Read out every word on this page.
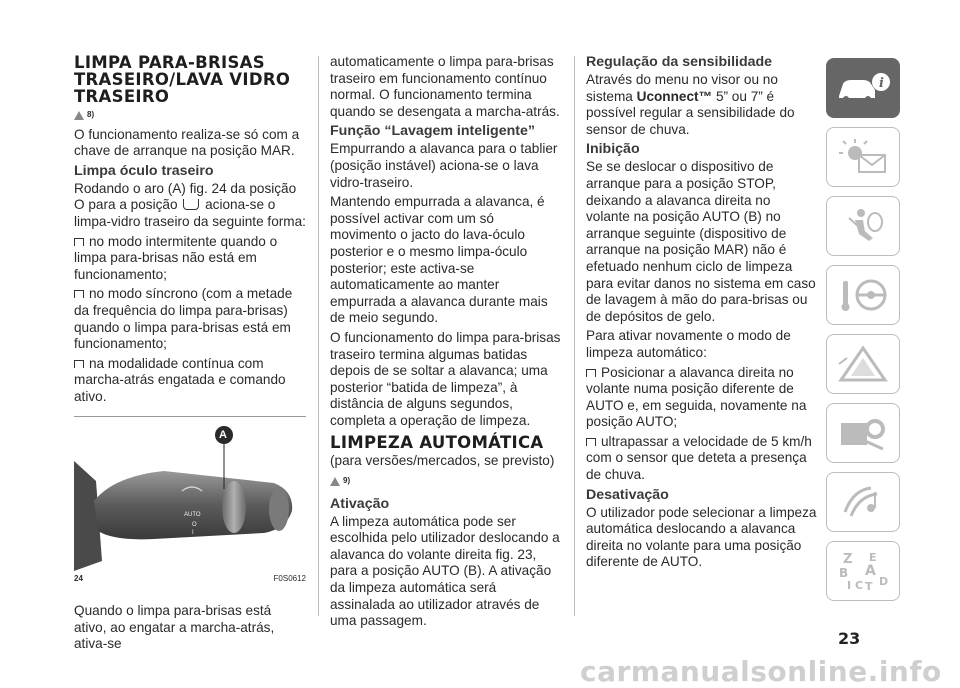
LIMPA PARA-BRISAS TRASEIRO/LAVA VIDRO TRASEIRO
8)

O funcionamento realiza-se só com a chave de arranque na posição MAR.

Limpa óculo traseiro

Rodando o aro (A) fig. 24 da posição O para a posição aciona-se o limpa-vidro traseiro da seguinte forma:

no modo intermitente quando o limpa para-brisas não está em funcionamento;

no modo síncrono (com a metade da frequência do limpa para-brisas) quando o limpa para-brisas está em funcionamento;

na modalidade contínua com marcha-atrás engatada e comando ativo.

A
AUTO
O
I
24	F0S0612

Quando o limpa para-brisas está ativo, ao engatar a marcha-atrás, ativa-se

automaticamente o limpa para-brisas traseiro em funcionamento contínuo normal. O funcionamento termina quando se desengata a marcha-atrás.

Função “Lavagem inteligente”

Empurrando a alavanca para o tablier (posição instável) aciona-se o lava vidro-traseiro.

Mantendo empurrada a alavanca, é possível activar com um só movimento o jacto do lava-óculo posterior e o mesmo limpa-óculo posterior; este activa-se automaticamente ao manter empurrada a alavanca durante mais de meio segundo.

O funcionamento do limpa para-brisas traseiro termina algumas batidas depois de se soltar a alavanca; uma posterior “batida de limpeza”, à distância de alguns segundos, completa a operação de limpeza.

LIMPEZA AUTOMÁTICA

(para versões/mercados, se previsto)

9)
Ativação

A limpeza automática pode ser escolhida pelo utilizador deslocando a alavanca do volante direita fig. 23, para a posição AUTO (B). A ativação da limpeza automática será assinalada ao utilizador através de uma passagem.

Regulação da sensibilidade

Através do menu no visor ou no sistema Uconnect™ 5” ou 7” é possível regular a sensibilidade do sensor de chuva.

Inibição

Se se deslocar o dispositivo de arranque para a posição STOP, deixando a alavanca direita no volante na posição AUTO (B) no arranque seguinte (dispositivo de arranque na posição MAR) não é efetuado nenhum ciclo de limpeza para evitar danos no sistema em caso de lavagem à mão do para-brisas ou de depósitos de gelo.

Para ativar novamente o modo de limpeza automático:

Posicionar a alavanca direita no volante numa posição diferente de AUTO e, em seguida, novamente na posição AUTO;

ultrapassar a velocidade de 5 km/h com o sensor que deteta a presença de chuva.

Desativação

O utilizador pode selecionar a limpeza automática deslocando a alavanca direita no volante para uma posição diferente de AUTO.

i
Z E
B A
I C T D
23
carmanualsonline.info
